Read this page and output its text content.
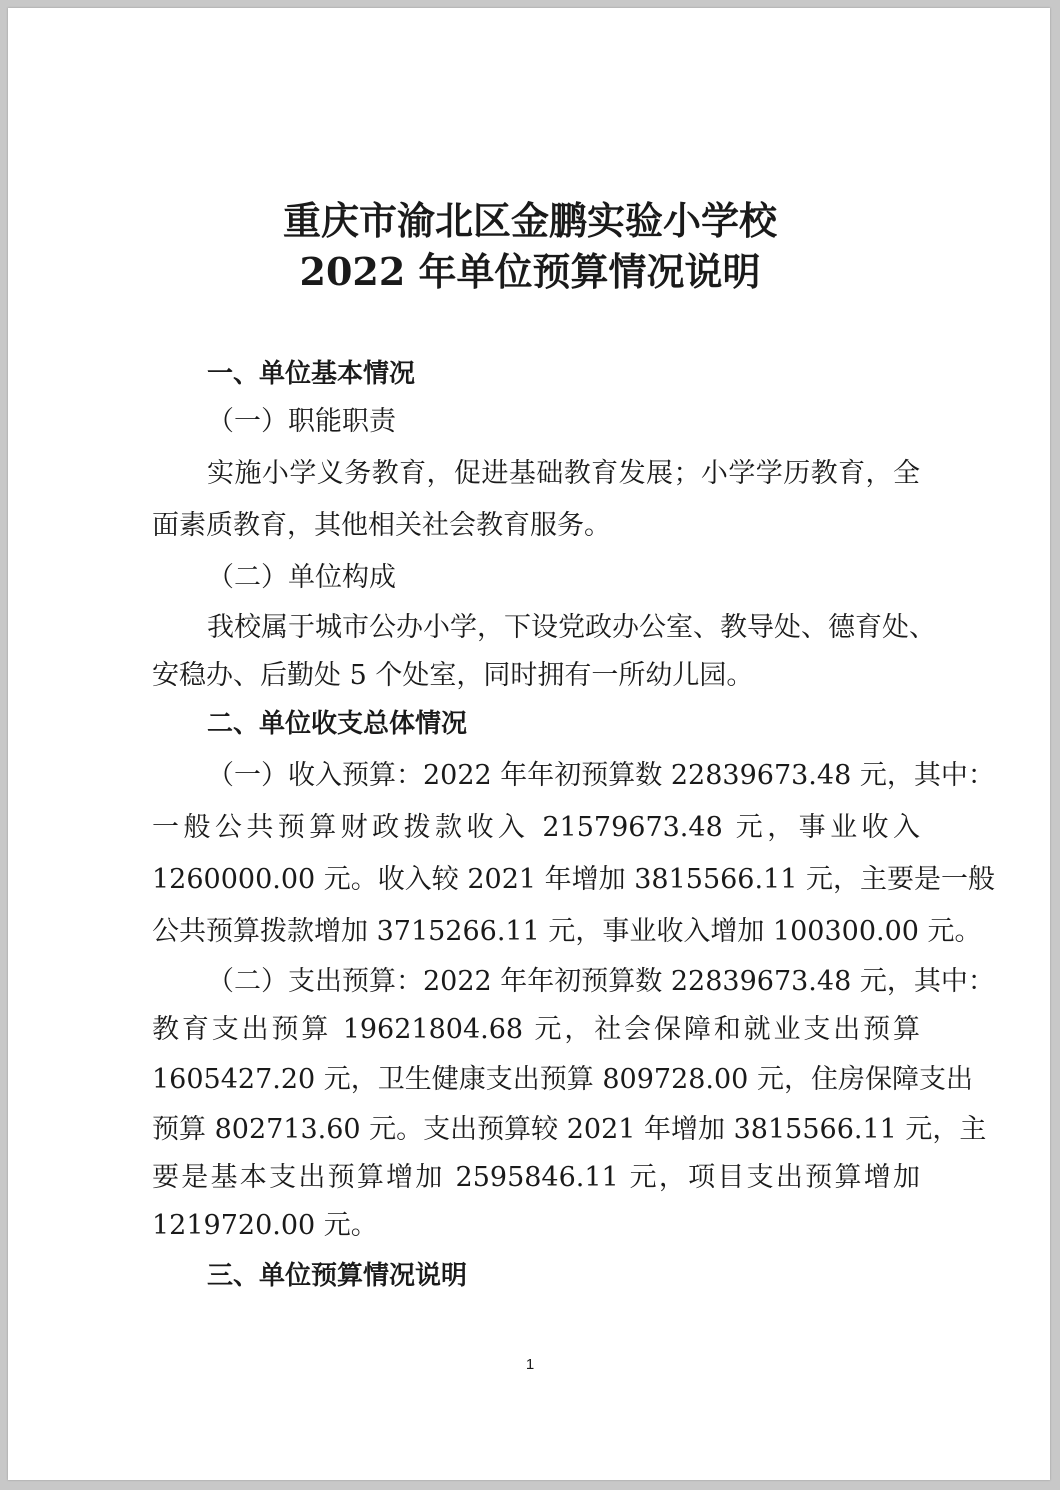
重庆市渝北区金鹏实验小学校
2022 年单位预算情况说明
一、单位基本情况
（一）职能职责
实施小学义务教育，促进基础教育发展；小学学历教育，全
面素质教育，其他相关社会教育服务。
（二）单位构成
我校属于城市公办小学，下设党政办公室、教导处、德育处、
安稳办、后勤处 5 个处室，同时拥有一所幼儿园。
二、单位收支总体情况
（一）收入预算：2022 年年初预算数 22839673.48 元，其中：
一般公共预算财政拨款收入 21579673.48 元，事业收入
1260000.00 元。收入较 2021 年增加 3815566.11 元，主要是一般
公共预算拨款增加 3715266.11 元，事业收入增加 100300.00 元。
（二）支出预算：2022 年年初预算数 22839673.48 元，其中：
教育支出预算 19621804.68 元，社会保障和就业支出预算
1605427.20 元，卫生健康支出预算 809728.00 元，住房保障支出
预算 802713.60 元。支出预算较 2021 年增加 3815566.11 元，主
要是基本支出预算增加 2595846.11 元，项目支出预算增加
1219720.00 元。
三、单位预算情况说明
1
